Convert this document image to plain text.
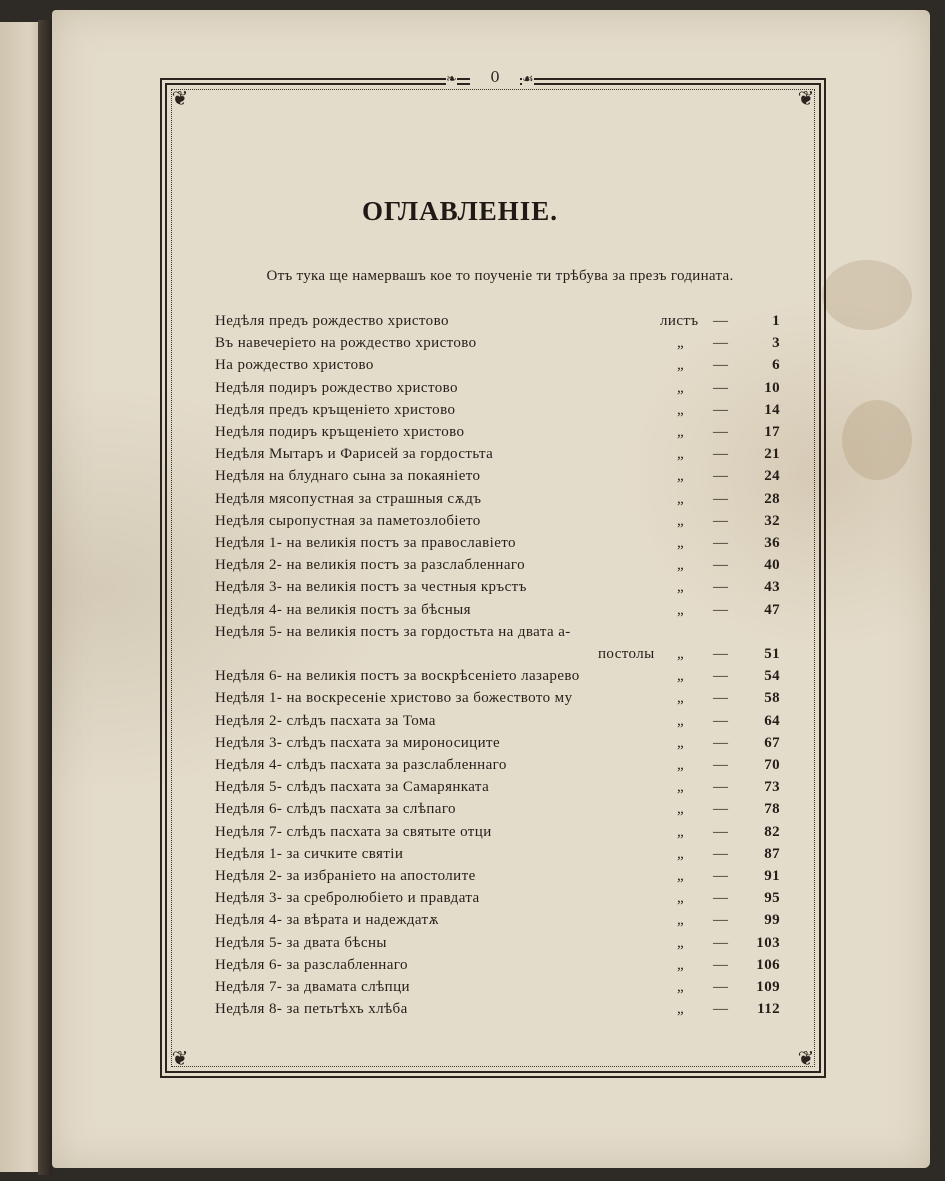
❦	❦
❦	❦
❧	0	☙
ОГЛАВЛЕНІЕ.
Отъ тука ще намервашъ кое то поученіе ти трѣбува за презъ годината.
Недѣля предъ рождество христово	листъ —	1
Въ навечеріето на рождество христово	„ —	3
На рождество христово	„ —	6
Недѣля подиръ рождество христово	„ —	10
Недѣля предъ кръщеніето христово	„ —	14
Недѣля подиръ кръщеніето христово	„ —	17
Недѣля Мытаръ и Фарисей за гордостьта	„ —	21
Недѣля на блуднаго сына за покаяніето	„ —	24
Недѣля мясопустная за страшныя сѫдъ	„ —	28
Недѣля сыропустная за паметозлобіето	„ —	32
Недѣля 1- на великія постъ за православіето	„ —	36
Недѣля 2- на великія постъ за разслабленнаго	„ —	40
Недѣля 3- на великія постъ за честныя кръстъ	„ —	43
Недѣля 4- на великія постъ за бѣсныя	„ —	47
Недѣля 5- на великія постъ за гордостьта на двата а-
постолы „ —	51
Недѣля 6- на великія постъ за воскрѣсеніето лазарево	„ —	54
Недѣля 1- на воскресеніе христово за божеството му	„ —	58
Недѣля 2- слѣдъ пасхата за Тома	„ —	64
Недѣля 3- слѣдъ пасхата за мироносиците	„ —	67
Недѣля 4- слѣдъ пасхата за разслабленнаго	„ —	70
Недѣля 5- слѣдъ пасхата за Самарянката	„ —	73
Недѣля 6- слѣдъ пасхата за слѣпаго	„ —	78
Недѣля 7- слѣдъ пасхата за святыте отци	„ —	82
Недѣля 1- за сичките святіи	„ —	87
Недѣля 2- за избраніето на апостолите	„ —	91
Недѣля 3- за сребролюбіето и правдата	„ —	95
Недѣля 4- за вѣрата и надеждатѫ	„ —	99
Недѣля 5- за двата бѣсны	„ —	103
Недѣля 6- за разслабленнаго	„ —	106
Недѣля 7- за двамата слѣпци	„ —	109
Недѣля 8- за петьтѣхъ хлѣба	„ —	112
